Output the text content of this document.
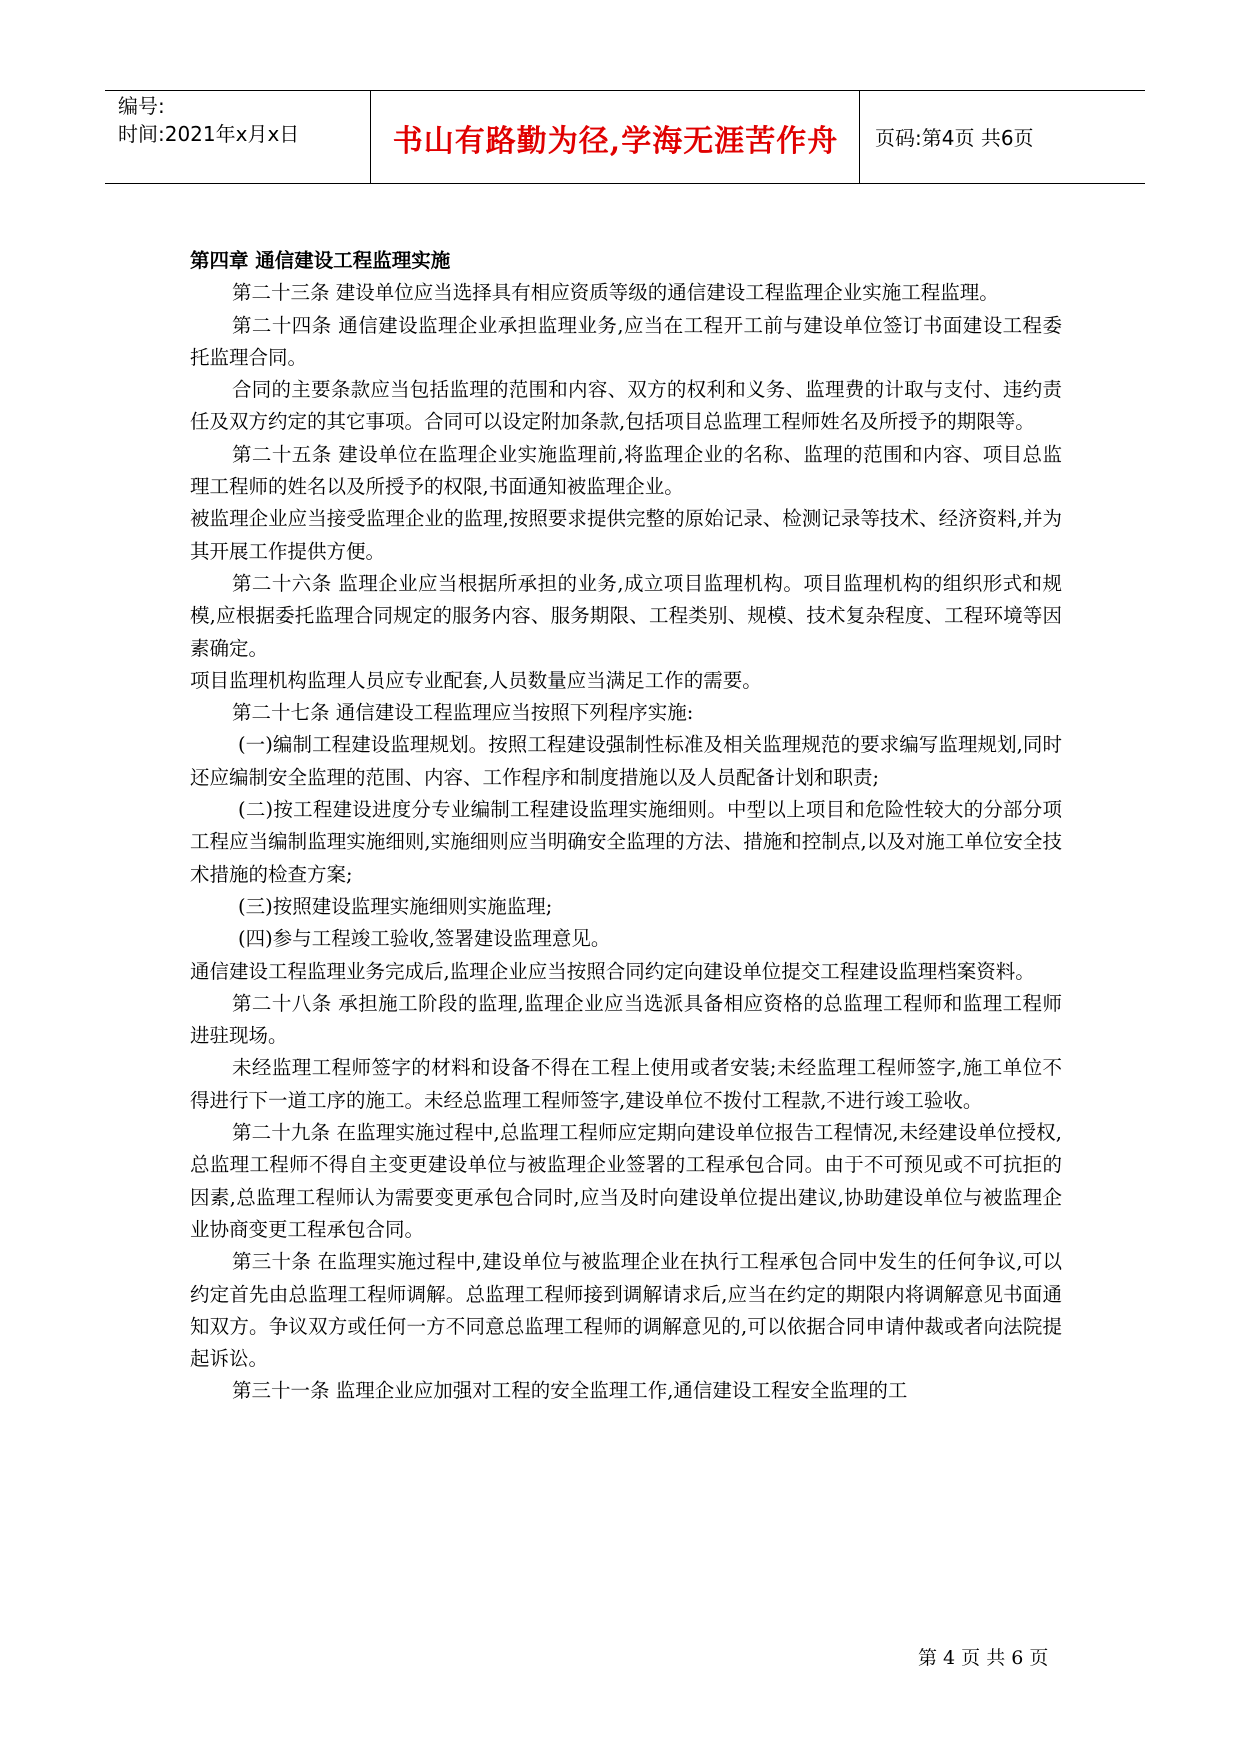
编号:
时间:2021年x月x日	书山有路勤为径,学海无涯苦作舟	页码:第4页 共6页

第四章 通信建设工程监理实施

第二十三条 建设单位应当选择具有相应资质等级的通信建设工程监理企业实施工程监理。

第二十四条 通信建设监理企业承担监理业务,应当在工程开工前与建设单位签订书面建设工程委托监理合同。

合同的主要条款应当包括监理的范围和内容、双方的权利和义务、监理费的计取与支付、违约责任及双方约定的其它事项。合同可以设定附加条款,包括项目总监理工程师姓名及所授予的期限等。

第二十五条 建设单位在监理企业实施监理前,将监理企业的名称、监理的范围和内容、项目总监理工程师的姓名以及所授予的权限,书面通知被监理企业。

被监理企业应当接受监理企业的监理,按照要求提供完整的原始记录、检测记录等技术、经济资料,并为其开展工作提供方便。

第二十六条 监理企业应当根据所承担的业务,成立项目监理机构。项目监理机构的组织形式和规模,应根据委托监理合同规定的服务内容、服务期限、工程类别、规模、技术复杂程度、工程环境等因素确定。

项目监理机构监理人员应专业配套,人员数量应当满足工作的需要。

第二十七条 通信建设工程监理应当按照下列程序实施:

(一)编制工程建设监理规划。按照工程建设强制性标准及相关监理规范的要求编写监理规划,同时还应编制安全监理的范围、内容、工作程序和制度措施以及人员配备计划和职责;

(二)按工程建设进度分专业编制工程建设监理实施细则。中型以上项目和危险性较大的分部分项工程应当编制监理实施细则,实施细则应当明确安全监理的方法、措施和控制点,以及对施工单位安全技术措施的检查方案;

(三)按照建设监理实施细则实施监理;

(四)参与工程竣工验收,签署建设监理意见。

通信建设工程监理业务完成后,监理企业应当按照合同约定向建设单位提交工程建设监理档案资料。

第二十八条 承担施工阶段的监理,监理企业应当选派具备相应资格的总监理工程师和监理工程师进驻现场。

未经监理工程师签字的材料和设备不得在工程上使用或者安装;未经监理工程师签字,施工单位不得进行下一道工序的施工。未经总监理工程师签字,建设单位不拨付工程款,不进行竣工验收。

第二十九条 在监理实施过程中,总监理工程师应定期向建设单位报告工程情况,未经建设单位授权,总监理工程师不得自主变更建设单位与被监理企业签署的工程承包合同。由于不可预见或不可抗拒的因素,总监理工程师认为需要变更承包合同时,应当及时向建设单位提出建议,协助建设单位与被监理企业协商变更工程承包合同。

第三十条 在监理实施过程中,建设单位与被监理企业在执行工程承包合同中发生的任何争议,可以约定首先由总监理工程师调解。总监理工程师接到调解请求后,应当在约定的期限内将调解意见书面通知双方。争议双方或任何一方不同意总监理工程师的调解意见的,可以依据合同申请仲裁或者向法院提起诉讼。

第三十一条 监理企业应加强对工程的安全监理工作,通信建设工程安全监理的工

第 4 页 共 6 页
